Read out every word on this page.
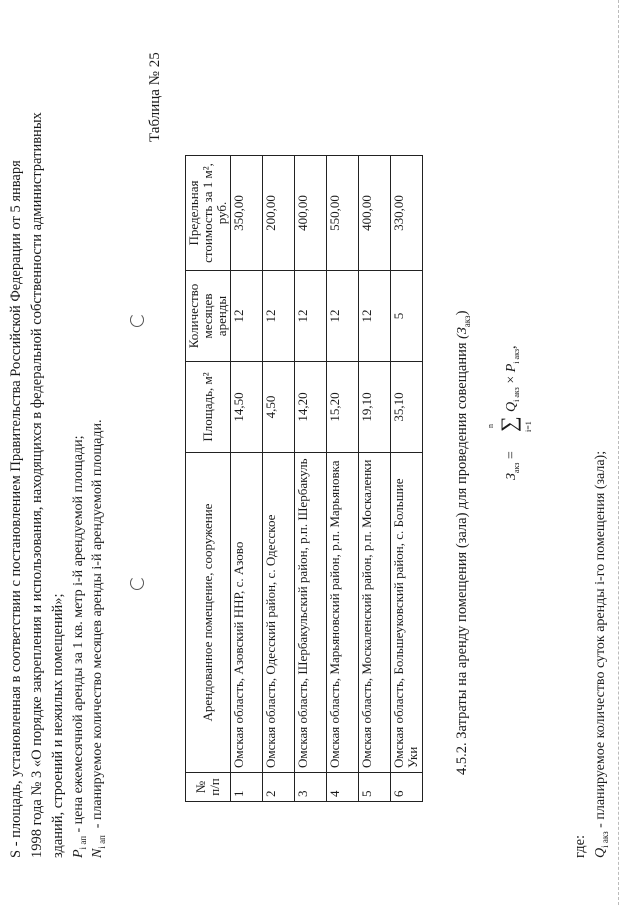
S - площадь, установленная в соответствии с постановлением Правительства Российской Федерации от 5 января 1998 года № 3 «О порядке закрепления и использования, находящихся в федеральной собственности административных зданий, строений и нежилых помещений»; $P_{i ап}$ - цена ежемесячной аренды за 1 кв. метр i-й арендуемой площади;
$N_{i ап}$  - планируемое количество месяцев аренды i-й арендуемой площади.
Таблица № 25
№ п/п	Арендованное помещение, сооружение	Площадь, м²	Количество месяцев аренды	Предельная стоимость за 1 м², руб.
1	Омская область, Азовский ННР, с. Азово	14,50	12	350,00
2	Омская область, Одесский район, с. Одесское	4,50	12	200,00
3	Омская область, Шербакульский район, р.п. Шербакуль	14,20	12	400,00
4	Омская область, Марьяновский район, р.п. Марьяновка	15,20	12	550,00
5	Омская область, Москаленский район, р.п. Москаленки	19,10	12	400,00
6	Омская область, Большеуковский район, с. Большие Уки	35,10	5	330,00
4.5.2. Затраты на аренду помещения (зала) для проведения совещания $(З_{акз})$
$З_{акз}$ =
n ∑ i=1
$Q_{i акз} \times P_{i акз}$,
где: $Q_{i акз}$ - планируемое количество суток аренды i-го помещения (зала);
